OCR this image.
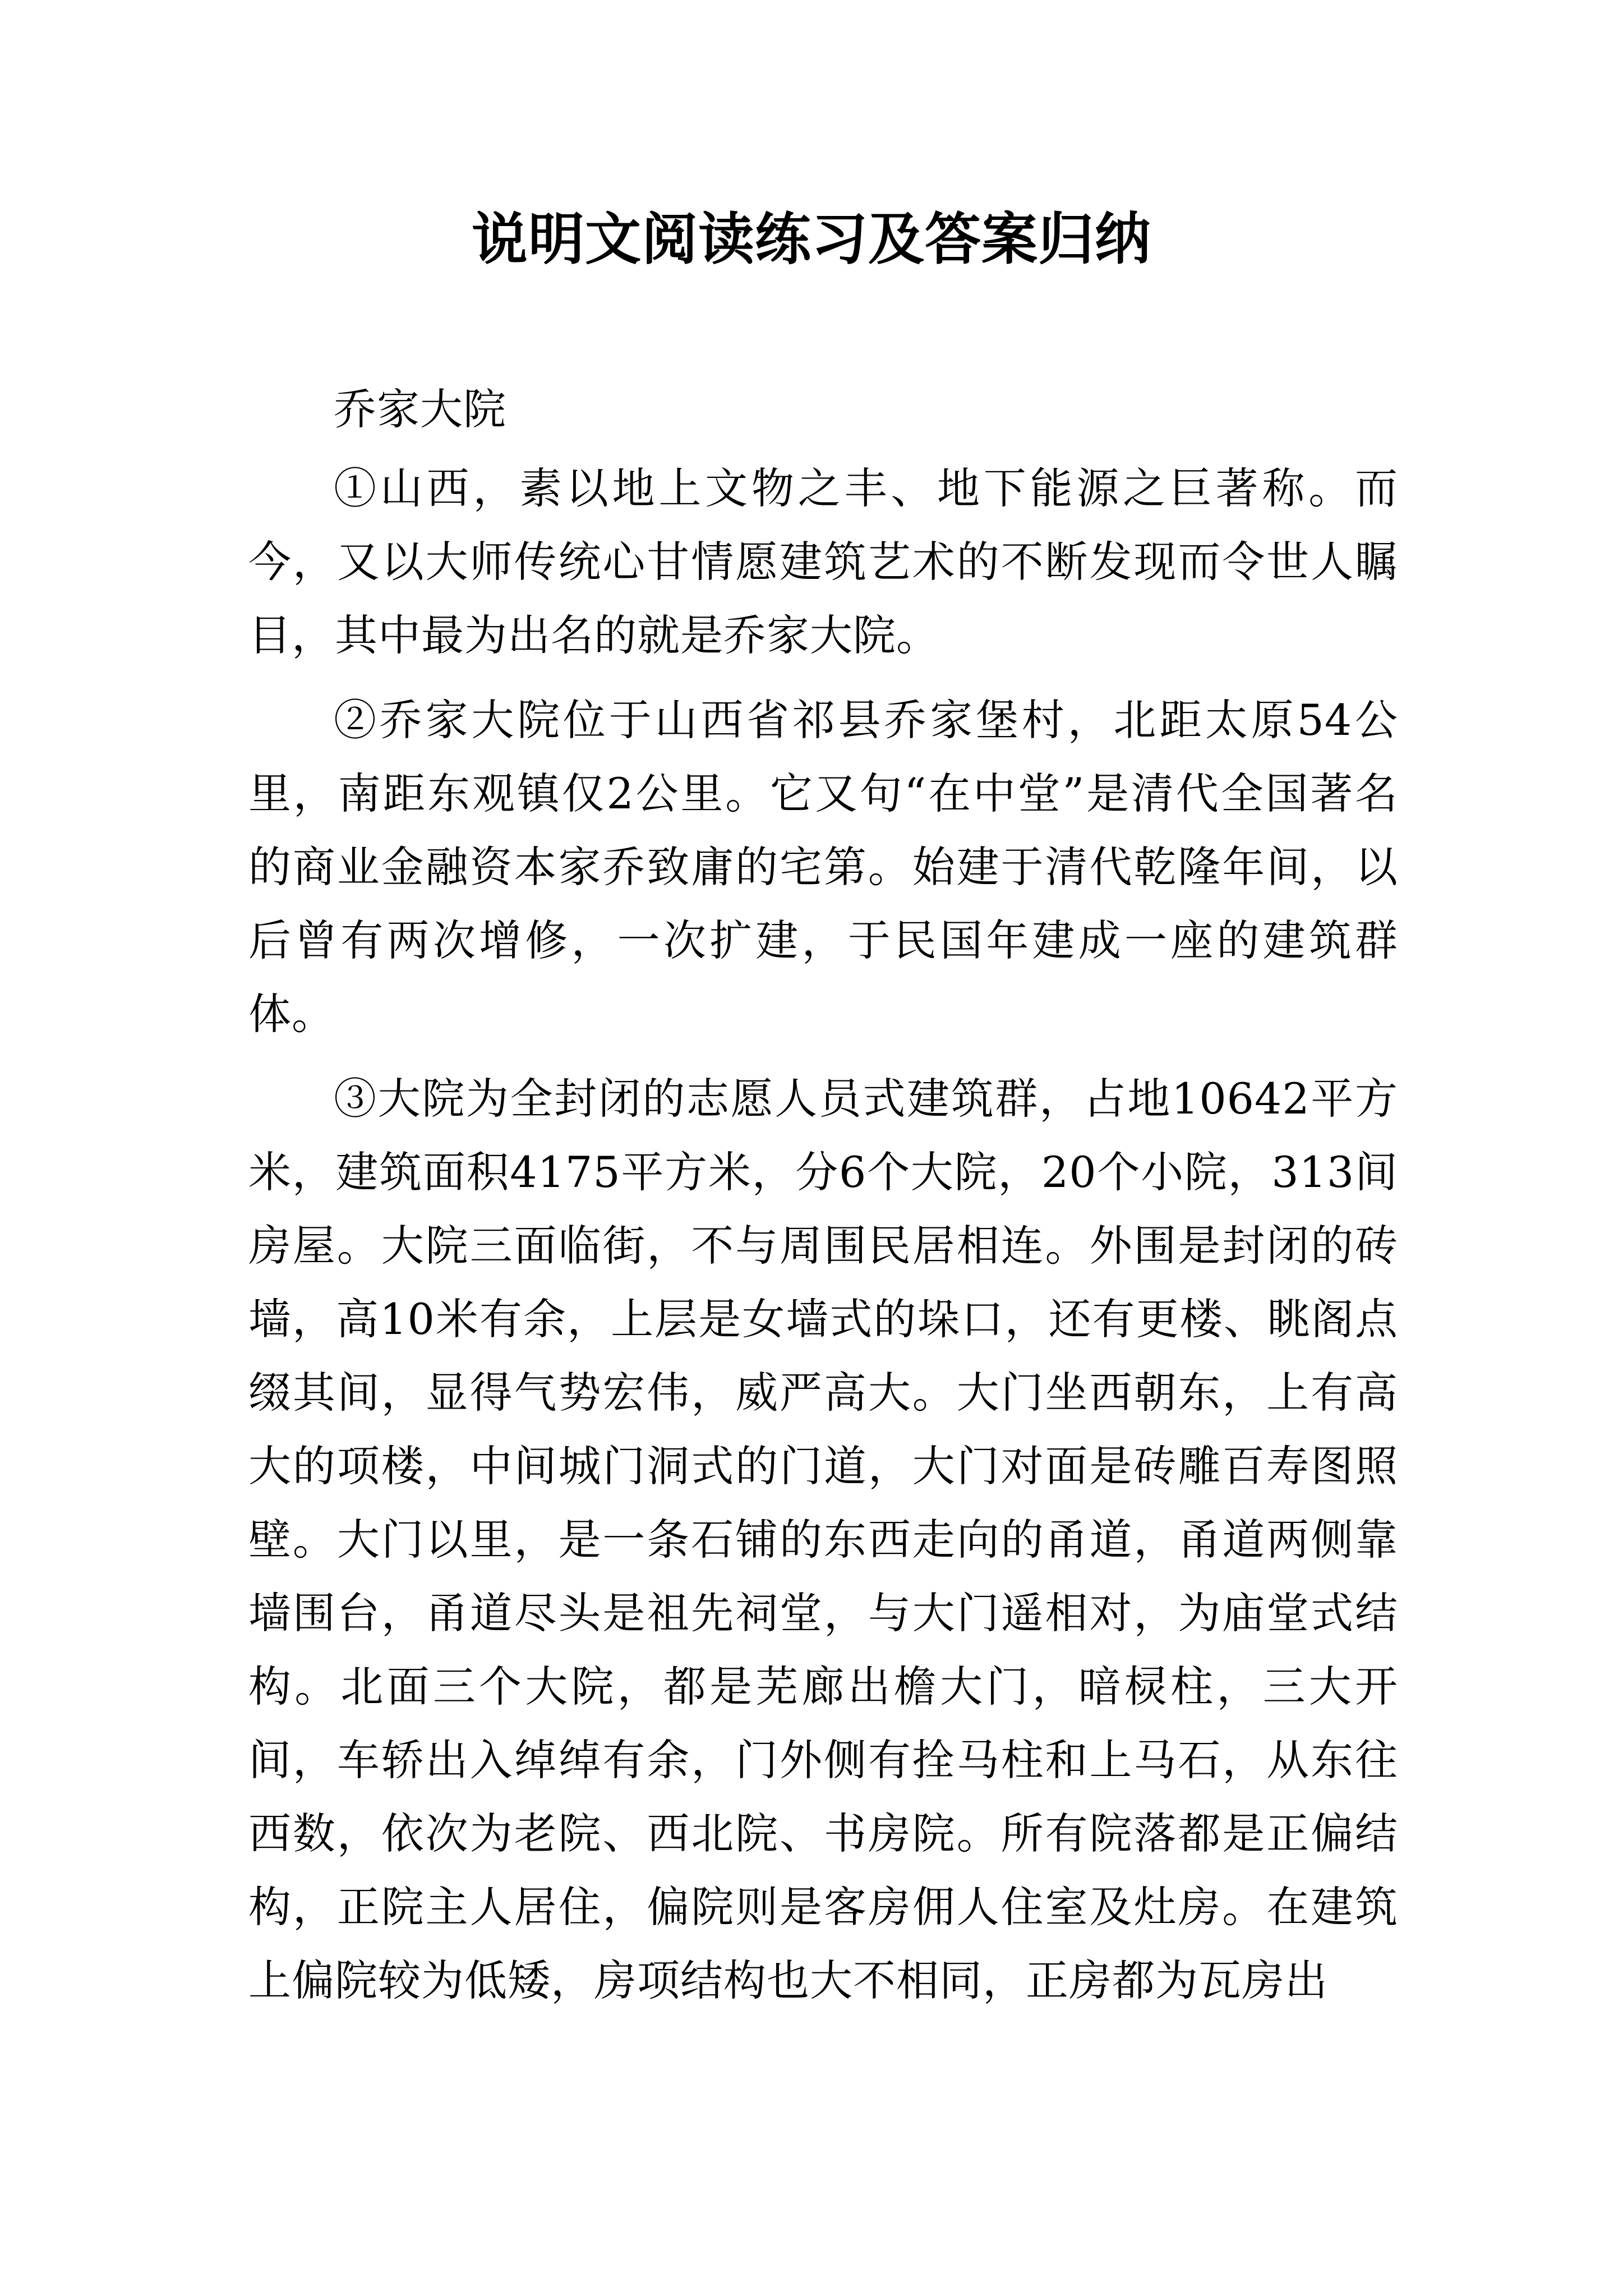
说明文阅读练习及答案归纳

乔家大院

①山西，素以地上文物之丰、地下能源之巨著称。而今，又以大师传统心甘情愿建筑艺术的不断发现而令世人瞩目，其中最为出名的就是乔家大院。

②乔家大院位于山西省祁县乔家堡村，北距太原54公里，南距东观镇仅2公里。它又句“在中堂”是清代全国著名的商业金融资本家乔致庸的宅第。始建于清代乾隆年间，以后曾有两次增修，一次扩建，于民国年建成一座的建筑群体。

③大院为全封闭的志愿人员式建筑群，占地10642平方米，建筑面积4175平方米，分6个大院，20个小院，313间房屋。大院三面临街，不与周围民居相连。外围是封闭的砖墙，高10米有余，上层是女墙式的垛口，还有更楼、眺阁点缀其间，显得气势宏伟，威严高大。大门坐西朝东，上有高大的项楼，中间城门洞式的门道，大门对面是砖雕百寿图照壁。大门以里，是一条石铺的东西走向的甬道，甬道两侧靠墙围台，甬道尽头是祖先祠堂，与大门遥相对，为庙堂式结构。北面三个大院，都是芜廊出檐大门，暗棂柱，三大开间，车轿出入绰绰有余，门外侧有拴马柱和上马石，从东往西数，依次为老院、西北院、书房院。所有院落都是正偏结构，正院主人居住，偏院则是客房佣人住室及灶房。在建筑上偏院较为低矮，房项结构也大不相同，正房都为瓦房出
